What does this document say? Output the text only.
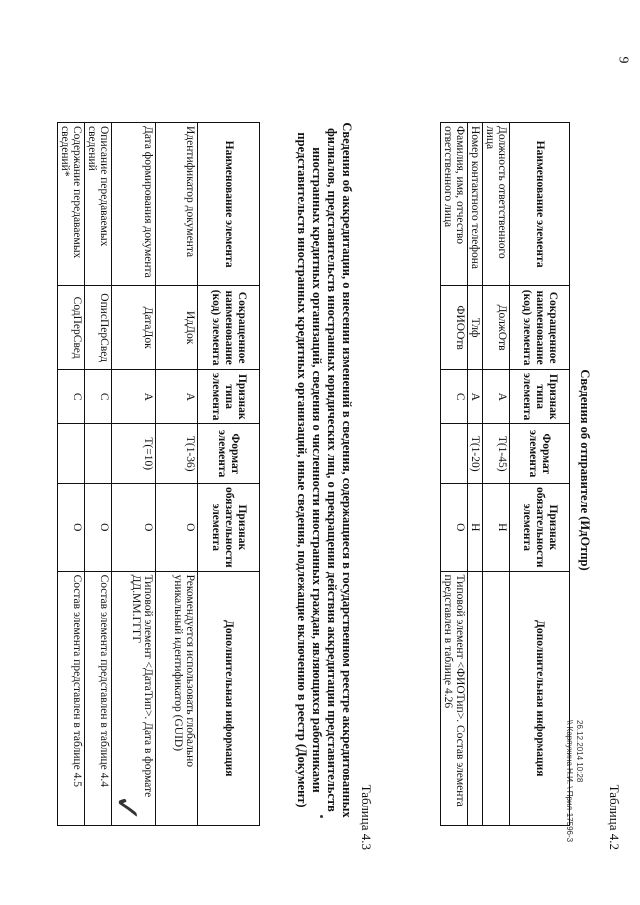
9
✓
26.12.2014 10:28
\\ Карпухина Н.И. \ Прил-17596-3	Таблица 4.2
Сведения об отправителе (ИдОтпр)
Наименование элемента	Сокращенное наименование (код) элемента	Признак типа элемента	Формат элемента	Признак обязательности элемента	Дополнительная информация
Должность ответственного лица	ДолжОтв	А	T(1-45)	Н	
Номер контактного телефона	Тлф	А	T(1-20)	Н	
Фамилия, имя, отчество ответственного лица	ФИООтв	С		О	Типовой элемент <ФИОТип>. Состав элемента представлен в таблице 4.26
Таблица 4.3
Сведения об аккредитации, о внесении изменений в сведения, содержащиеся в государственном реестре аккредитованных филиалов, представительств иностранных юридических лиц, о прекращении действия аккредитации представительств иностранных кредитных организаций, сведения о численности иностранных граждан, являющихся работниками представительств иностранных кредитных организаций, иные сведения, подлежащие включению в реестр (Документ)
Наименование элемента	Сокращенное наименование (код) элемента	Признак типа элемента	Формат элемента	Признак обязательности элемента	Дополнительная информация
Идентификатор документа	ИдДок	А	T(1-36)	О	Рекомендуется использовать глобально уникальный идентификатор (GUID)
Дата формирования документа	ДатаДок	А	T(=10)	О	Типовой элемент <ДатаТип>. Дата в формате ДД.ММ.ГГГГ
Описание передаваемых сведений	ОписПерСвед	С		О	Состав элемента представлен в таблице 4.4
Содержание передаваемых сведений*	СодПерСвед	С		О	Состав элемента представлен в таблице 4.5
